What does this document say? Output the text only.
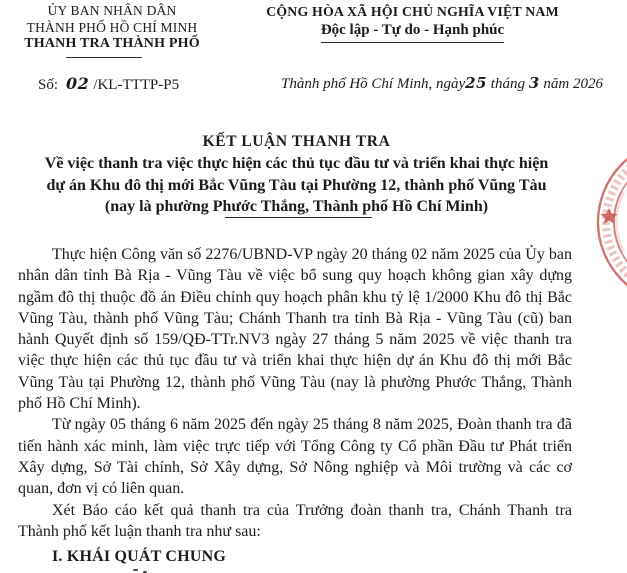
ỦY BAN NHÂN DÂN
THÀNH PHỐ HỒ CHÍ MINH
THANH TRA THÀNH PHỐ
Số: 02 /KL-TTTP-P5
CỘNG HÒA XÃ HỘI CHỦ NGHĨA VIỆT NAM
Độc lập - Tự do - Hạnh phúc
Thành phố Hồ Chí Minh, ngày25 tháng 3 năm 2026
KẾT LUẬN THANH TRA
Về việc thanh tra việc thực hiện các thủ tục đầu tư và triển khai thực hiện
dự án Khu đô thị mới Bắc Vũng Tàu tại Phường 12, thành phố Vũng Tàu
(nay là phường Phước Thắng, Thành phố Hồ Chí Minh)

Thực hiện Công văn số 2276/UBND-VP ngày 20 tháng 02 năm 2025 của Ủy ban nhân dân tỉnh Bà Rịa - Vũng Tàu về việc bổ sung quy hoạch không gian xây dựng ngầm đô thị thuộc đồ án Điều chỉnh quy hoạch phân khu tỷ lệ 1/2000 Khu đô thị Bắc Vũng Tàu, thành phố Vũng Tàu; Chánh Thanh tra tỉnh Bà Rịa - Vũng Tàu (cũ) ban hành Quyết định số 159/QĐ-TTr.NV3 ngày 27 tháng 5 năm 2025 về việc thanh tra việc thực hiện các thủ tục đầu tư và triển khai thực hiện dự án Khu đô thị mới Bắc Vũng Tàu tại Phường 12, thành phố Vũng Tàu (nay là phường Phước Thắng, Thành phố Hồ Chí Minh).

Từ ngày 05 tháng 6 năm 2025 đến ngày 25 tháng 8 năm 2025, Đoàn thanh tra đã tiến hành xác minh, làm việc trực tiếp với Tổng Công ty Cổ phần Đầu tư Phát triển Xây dựng, Sở Tài chính, Sở Xây dựng, Sở Nông nghiệp và Môi trường và các cơ quan, đơn vị có liên quan.

Xét Báo cáo kết quả thanh tra của Trưởng đoàn thanh tra, Chánh Thanh tra Thành phố kết luận thanh tra như sau:

I. KHÁI QUÁT CHUNG
